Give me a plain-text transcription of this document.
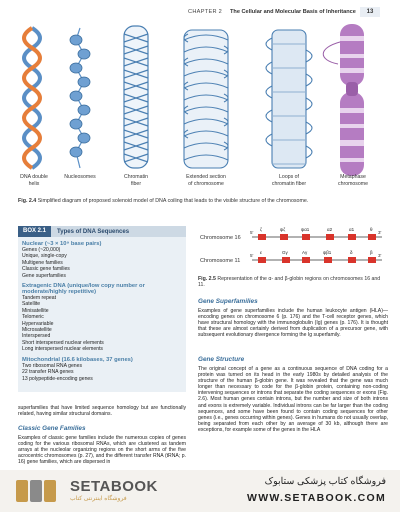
CHAPTER 2 The Cellular and Molecular Basis of Inheritance	13
DNA double
helix
Nucleosomes	Chromatin
fiber
Extended section
of chromosome
Loops of
chromatin fiber
Metaphase
chromosome
Fig. 2.4 Simplified diagram of proposed solenoid model of DNA coiling that leads to the visible structure of the chromosome.
BOX 2.1	Types of DNA Sequences
Nuclear (~3 × 10⁹ base pairs)
Genes (~20,000)
Unique, single-copy
Multigene families
Classic gene families
Gene superfamilies
Extragenic DNA (unique/low copy number or moderate/highly repetitive)
Tandem repeat
Satellite
Minisatellite
Telomeric
Hypervariable
Microsatellite
Interspersed
Short interspersed nuclear elements
Long interspersed nuclear elements
Mitochondrial (16.6 kilobases, 37 genes)
Two ribosomal RNA genes
22 transfer RNA genes
13 polypeptide-encoding genes
Chromosome 16
5'	3'
ζ	ψζ	ψα1	α2	α1	θ
Chromosome 11
5'	3'
ε	Gγ	Aγ	ψβ1	δ	β
Fig. 2.5 Representation of the α- and β-globin regions on chromosomes 16 and 11.
superfamilies that have limited sequence homology but are functionally related, having similar structural domains.
Classic Gene Families
Examples of classic gene families include the numerous copies of genes coding for the various ribosomal RNAs, which are clustered as tandem arrays at the nucleolar organizing regions on the short arms of the five acrocentric chromosomes (p. 27), and the different transfer RNA (tRNA; p. 16) gene families, which are dispersed in
Gene Superfamilies
Examples of gene superfamilies include the human leukocyte antigen (HLA)—encoding genes on chromosome 6 (p. 176) and the T-cell receptor genes, which have structural homology with the immunoglobulin (Ig) genes (p. 176). It is thought that these are almost certainly derived from duplication of a precursor gene, with subsequent evolutionary divergence forming the Ig superfamily.
Gene Structure
The original concept of a gene as a continuous sequence of DNA coding for a protein was turned on its head in the early 1980s by detailed analysis of the structure of the human β-globin gene. It was revealed that the gene was much longer than necessary to code for the β-globin protein, containing non-coding intervening sequences or introns that separate the coding sequences or exons (Fig. 2.6). Most human genes contain introns, but the number and size of both introns and exons is extremely variable. Individual introns can be far larger than the coding sequences, and some have been found to contain coding sequences for other genes (i.e., genes occurring within genes). Genes in humans do not usually overlap, being separated from each other by an average of 30 kb, although there are exceptions, for example some of the genes in the HLA
SETABOOK
فروشگاه اینترنتی کتاب
فروشگاه کتاب پزشکی ستابوک
WWW.SETABOOK.COM
